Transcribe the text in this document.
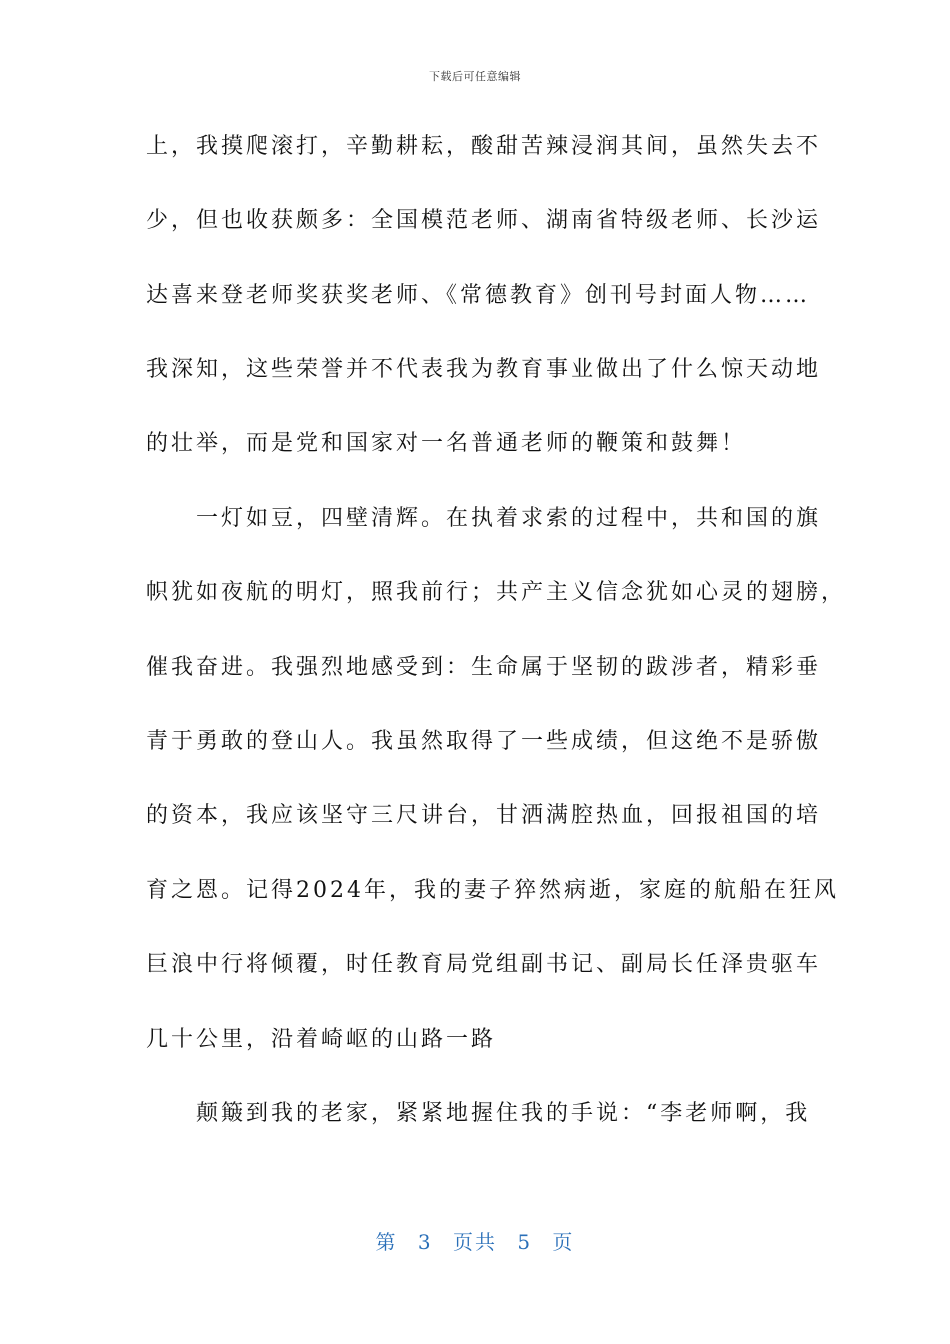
下载后可任意编辑
上，我摸爬滚打，辛勤耕耘，酸甜苦辣浸润其间，虽然失去不
少，但也收获颇多：全国模范老师、湖南省特级老师、长沙运
达喜来登老师奖获奖老师、《常德教育》创刊号封面人物……
我深知，这些荣誉并不代表我为教育事业做出了什么惊天动地
的壮举，而是党和国家对一名普通老师的鞭策和鼓舞！
　　一灯如豆，四壁清辉。在执着求索的过程中，共和国的旗
帜犹如夜航的明灯，照我前行；共产主义信念犹如心灵的翅膀，
催我奋进。我强烈地感受到：生命属于坚韧的跋涉者，精彩垂
青于勇敢的登山人。我虽然取得了一些成绩，但这绝不是骄傲
的资本，我应该坚守三尺讲台，甘洒满腔热血，回报祖国的培
育之恩。记得2024年，我的妻子猝然病逝，家庭的航船在狂风
巨浪中行将倾覆，时任教育局党组副书记、副局长任泽贵驱车
几十公里，沿着崎岖的山路一路
　　颠簸到我的老家，紧紧地握住我的手说：“李老师啊，我
第 3 页共 5 页
